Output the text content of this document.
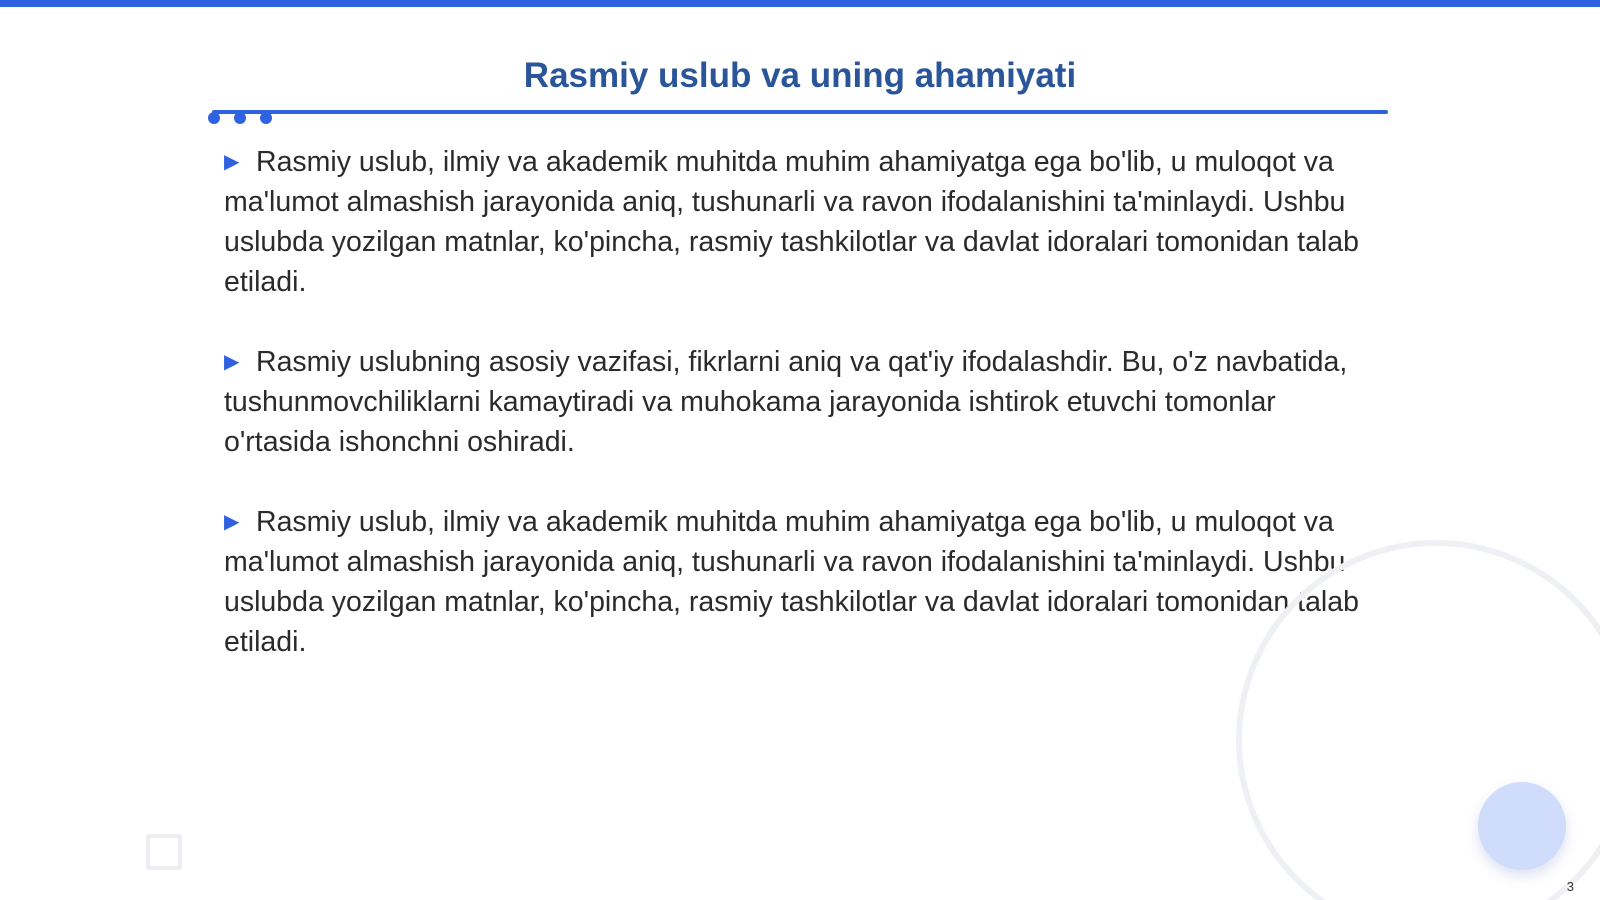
Rasmiy uslub va uning ahamiyati

▶ Rasmiy uslub, ilmiy va akademik muhitda muhim ahamiyatga ega bo'lib, u muloqot va ma'lumot almashish jarayonida aniq, tushunarli va ravon ifodalanishini ta'minlaydi. Ushbu uslubda yozilgan matnlar, ko'pincha, rasmiy tashkilotlar va davlat idoralari tomonidan talab etiladi.

▶ Rasmiy uslubning asosiy vazifasi, fikrlarni aniq va qat'iy ifodalashdir. Bu, o'z navbatida, tushunmovchiliklarni kamaytiradi va muhokama jarayonida ishtirok etuvchi tomonlar o'rtasida ishonchni oshiradi.

▶ Rasmiy uslub, ilmiy va akademik muhitda muhim ahamiyatga ega bo'lib, u muloqot va ma'lumot almashish jarayonida aniq, tushunarli va ravon ifodalanishini ta'minlaydi. Ushbu uslubda yozilgan matnlar, ko'pincha, rasmiy tashkilotlar va davlat idoralari tomonidan talab etiladi.

3
